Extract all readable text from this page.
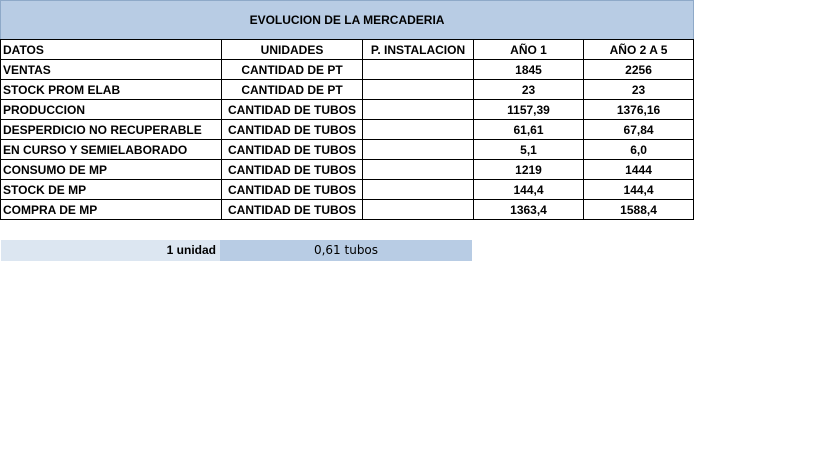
EVOLUCION DE LA MERCADERIA				
DATOS	UNIDADES	P. INSTALACION	AÑO 1	AÑO 2 A 5
VENTAS	CANTIDAD DE PT		1845	2256
STOCK PROM ELAB	CANTIDAD DE PT		23	23
PRODUCCION	CANTIDAD DE TUBOS		1157,39	1376,16
DESPERDICIO NO RECUPERABLE	CANTIDAD DE TUBOS		61,61	67,84
EN CURSO Y SEMIELABORADO	CANTIDAD DE TUBOS		5,1	6,0
CONSUMO DE MP	CANTIDAD DE TUBOS		1219	1444
STOCK DE MP	CANTIDAD DE TUBOS		144,4	144,4
COMPRA DE MP	CANTIDAD DE TUBOS		1363,4	1588,4
1 unidad	0,61 tubos
